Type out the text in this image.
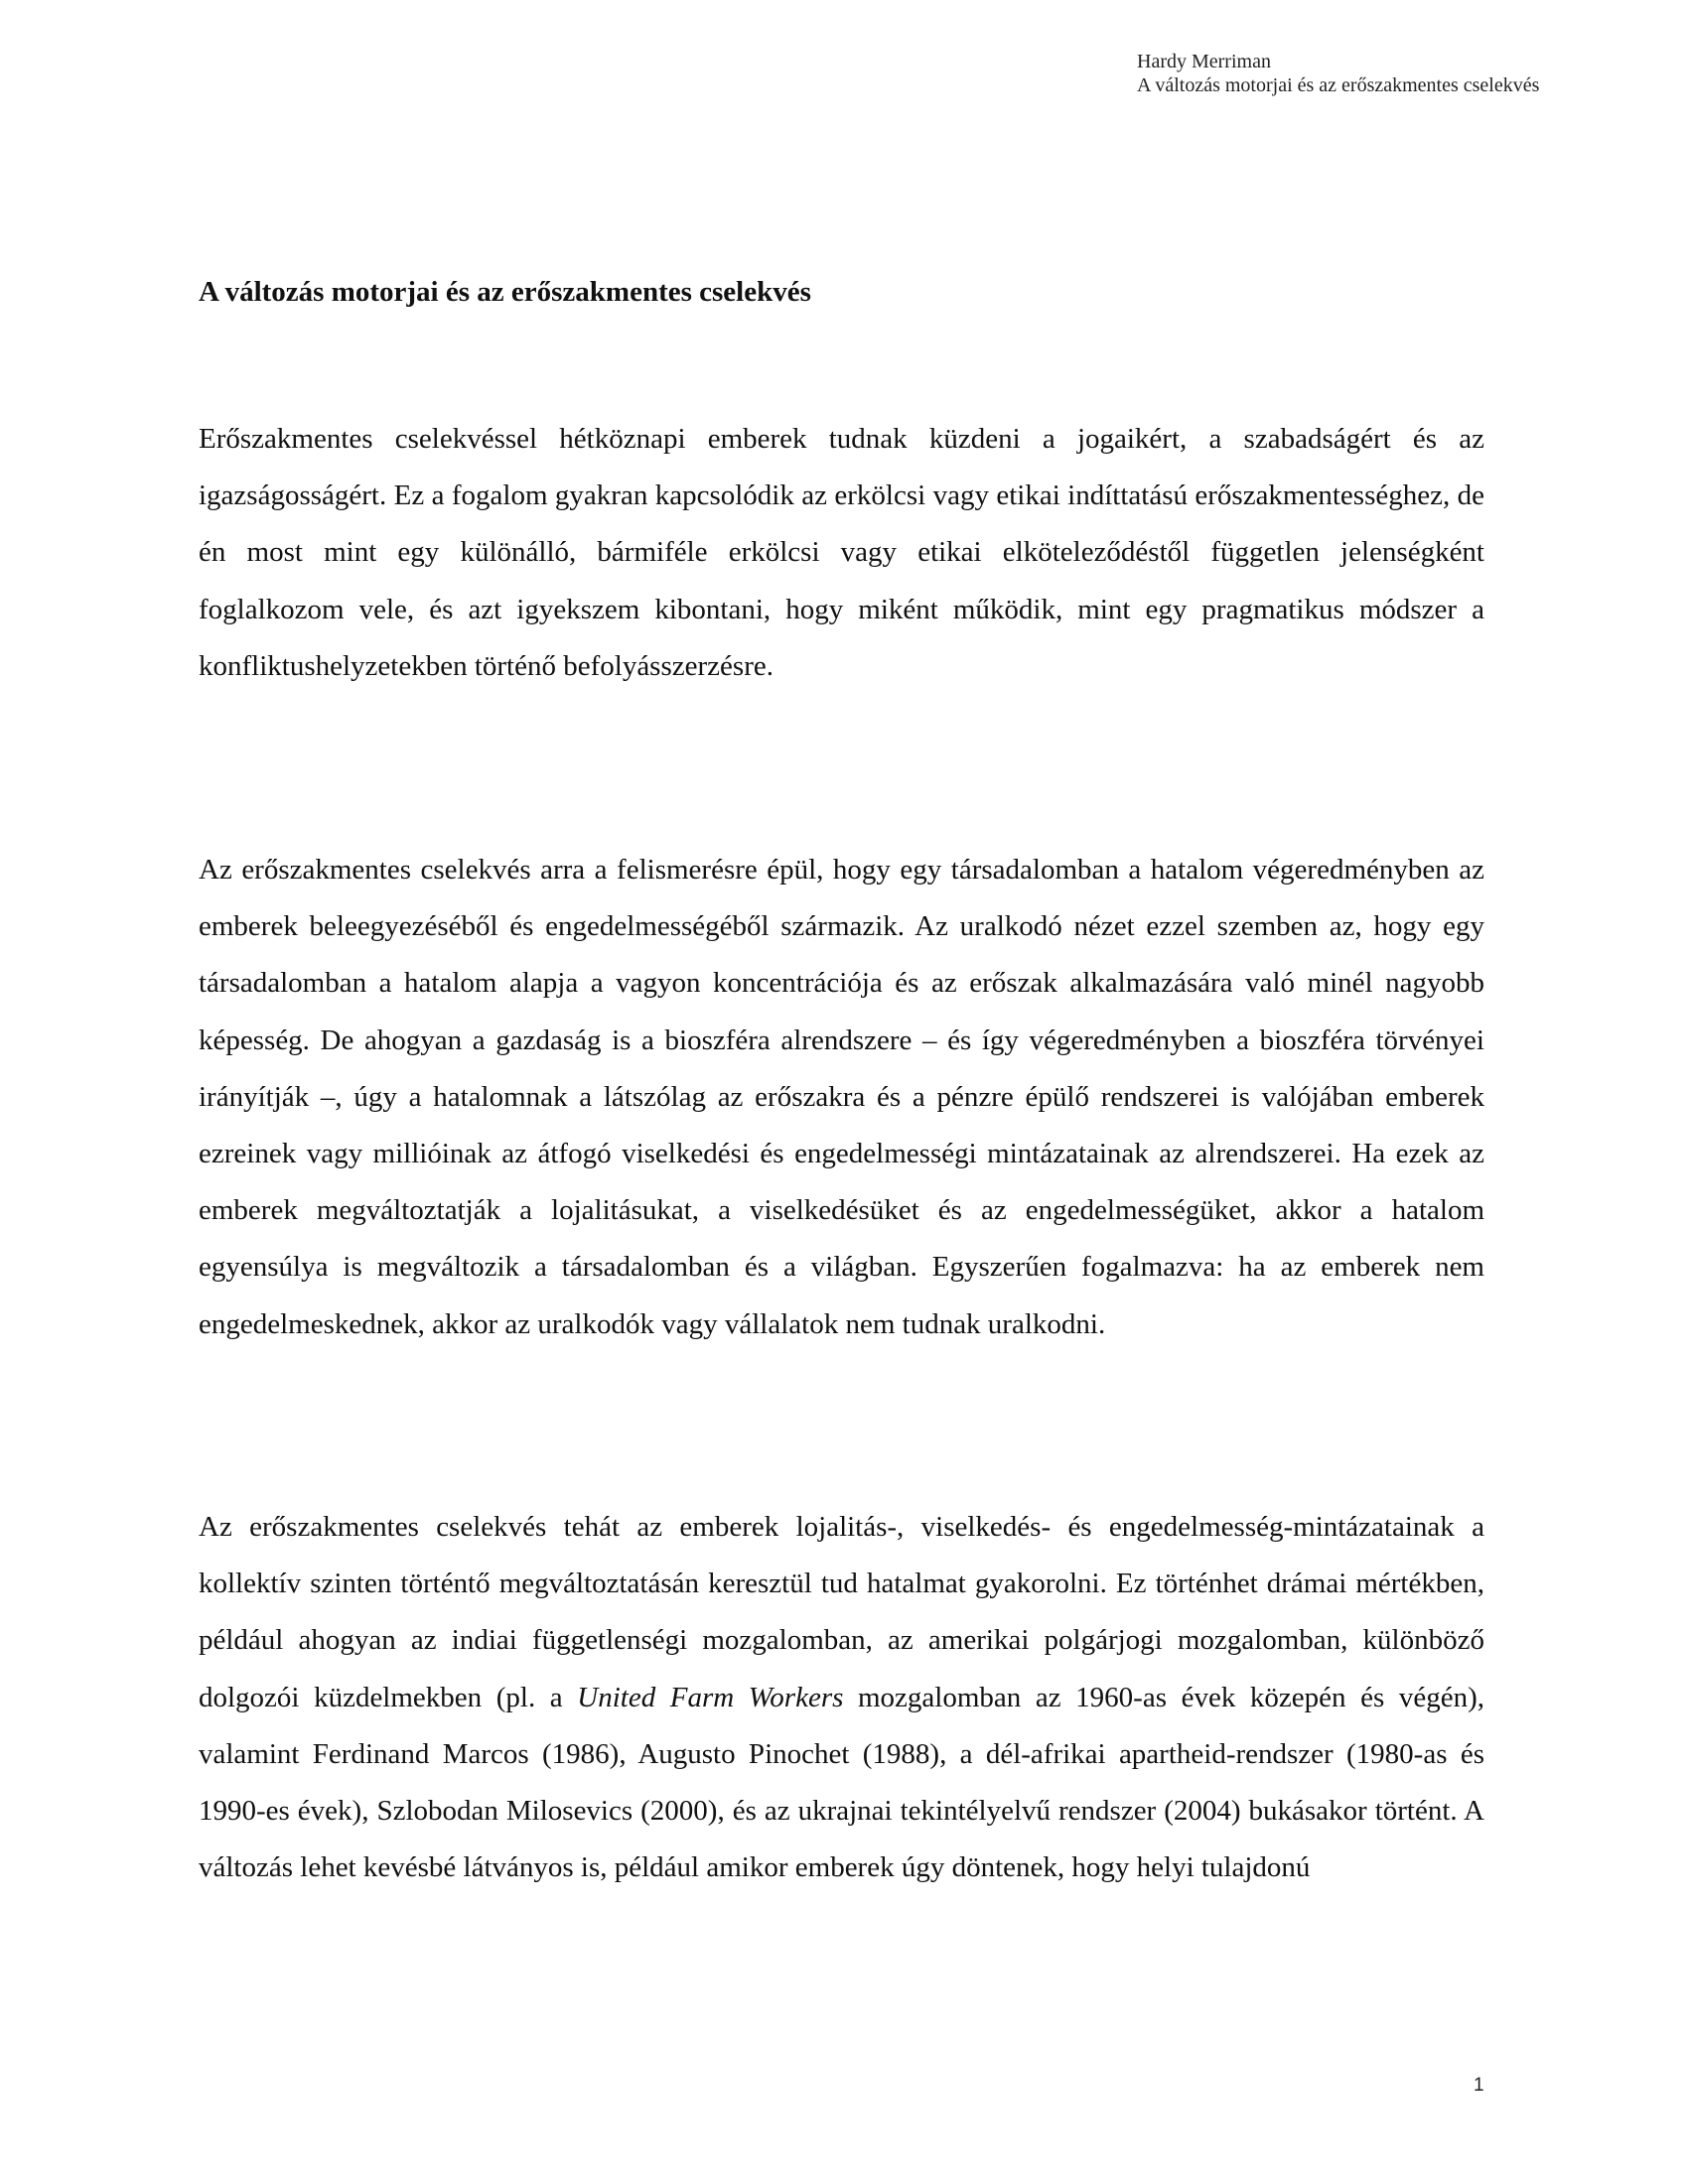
Hardy Merriman
A változás motorjai és az erőszakmentes cselekvés
A változás motorjai és az erőszakmentes cselekvés

Erőszakmentes cselekvéssel hétköznapi emberek tudnak küzdeni a jogaikért, a szabadságért és az igazságosságért. Ez a fogalom gyakran kapcsolódik az erkölcsi vagy etikai indíttatású erőszakmentességhez, de én most mint egy különálló, bármiféle erkölcsi vagy etikai elköteleződéstől független jelenségként foglalkozom vele, és azt igyekszem kibontani, hogy miként működik, mint egy pragmatikus módszer a konfliktushelyzetekben történő befolyásszerzésre.

Az erőszakmentes cselekvés arra a felismerésre épül, hogy egy társadalomban a hatalom végeredményben az emberek beleegyezéséből és engedelmességéből származik. Az uralkodó nézet ezzel szemben az, hogy egy társadalomban a hatalom alapja a vagyon koncentrációja és az erőszak alkalmazására való minél nagyobb képesség. De ahogyan a gazdaság is a bioszféra alrendszere – és így végeredményben a bioszféra törvényei irányítják –, úgy a hatalomnak a látszólag az erőszakra és a pénzre épülő rendszerei is valójában emberek ezreinek vagy millióinak az átfogó viselkedési és engedelmességi mintázatainak az alrendszerei. Ha ezek az emberek megváltoztatják a lojalitásukat, a viselkedésüket és az engedelmességüket, akkor a hatalom egyensúlya is megváltozik a társadalomban és a világban. Egyszerűen fogalmazva: ha az emberek nem engedelmeskednek, akkor az uralkodók vagy vállalatok nem tudnak uralkodni.

Az erőszakmentes cselekvés tehát az emberek lojalitás-, viselkedés- és engedelmesség-mintázatainak a kollektív szinten történtő megváltoztatásán keresztül tud hatalmat gyakorolni. Ez történhet drámai mértékben, például ahogyan az indiai függetlenségi mozgalomban, az amerikai polgárjogi mozgalomban, különböző dolgozói küzdelmekben (pl. a United Farm Workers mozgalomban az 1960-as évek közepén és végén), valamint Ferdinand Marcos (1986), Augusto Pinochet (1988), a dél-afrikai apartheid-rendszer (1980-as és 1990-es évek), Szlobodan Milosevics (2000), és az ukrajnai tekintélyelvű rendszer (2004) bukásakor történt. A változás lehet kevésbé látványos is, például amikor emberek úgy döntenek, hogy helyi tulajdonú

1
